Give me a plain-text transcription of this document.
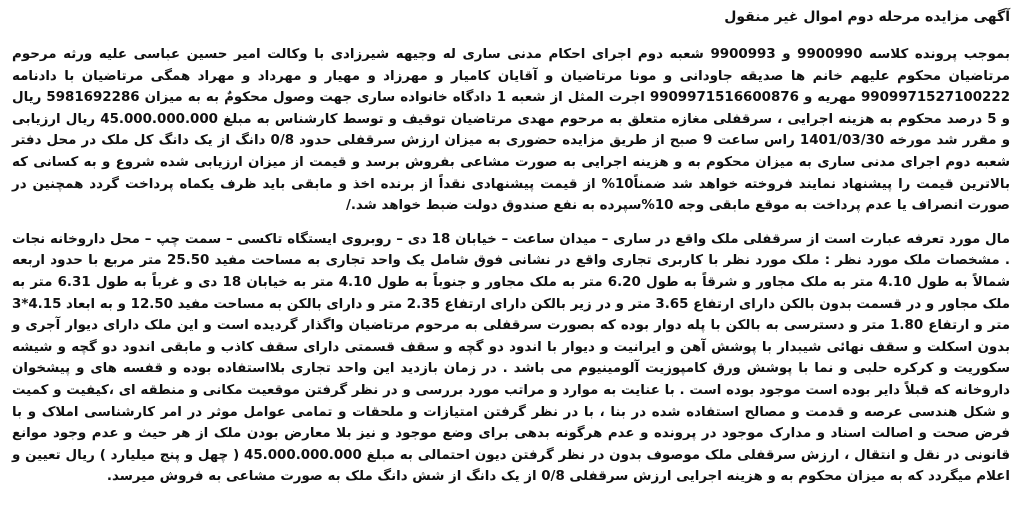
آگهی مزایده مرحله دوم اموال غیر منقول

بموجب پرونده کلاسه 9900990 و 9900993 شعبه دوم اجرای احکام مدنی ساری له وجیهه شیرزادی با وکالت امیر حسین عباسی علیه ورثه مرحوم مرتاضیان محکوم علیهم خانم ها صدیقه جاودانی و مونا مرتاضیان و آقایان کامیار و مهرزاد و مهیار و مهرداد و مهراد همگی مرتاضیان با دادنامه 9909971527100222 مهریه و 9909971516600876 اجرت المثل از شعبه 1 دادگاه خانواده ساری جهت وصول محکومٌ به به میزان 5981692286 ریال و 5 درصد محکوم به هزینه اجرایی ، سرقفلی مغازه متعلق به مرحوم مهدی مرتاضیان توقیف و توسط کارشناس به مبلغ 45.000.000.000 ریال ارزیابی و مقرر شد مورخه 1401/03/30 راس ساعت 9 صبح از طریق مزایده حضوری به میزان ارزش سرقفلی حدود 0/8 دانگ از یک دانگ کل ملک در محل دفتر شعبه دوم اجرای مدنی ساری به میزان محکوم به و هزینه اجرایی به صورت مشاعی بفروش برسد و قیمت از میزان ارزیابی شده شروع و به کسانی که بالاترین قیمت را پیشنهاد نمایند فروخته خواهد شد ضمناً10% از قیمت پیشنهادی نقداً از برنده اخذ و مابقی باید ظرف یکماه پرداخت گردد همچنین در صورت انصراف یا عدم پرداخت به موقع مابقی وجه 10%سپرده به نفع صندوق دولت ضبط خواهد شد./

مال مورد تعرفه عبارت است از سرقفلی ملک واقع در ساری – میدان ساعت – خیابان 18 دی – روبروی ایستگاه تاکسی – سمت چپ – محل داروخانه نجات . مشخصات ملک مورد نظر : ملک مورد نظر با کاربری تجاری واقع در نشانی فوق شامل یک واحد تجاری به مساحت مفید 25.50 متر مربع با حدود اربعه شمالاً به طول 4.10 متر به ملک مجاور و شرقاً به طول 6.20 متر به ملک مجاور و جنوباً به طول 4.10 متر به خیابان 18 دی و غرباً به طول 6.31 متر به ملک مجاور و در قسمت بدون بالکن دارای ارتفاع 3.65 متر و در زیر بالکن دارای ارتفاع 2.35 متر و دارای بالکن به مساحت مفید 12.50 و به ابعاد 4.15*3 متر و ارتفاع 1.80 متر و دسترسی به بالکن با پله دوار بوده که بصورت سرقفلی به مرحوم مرتاضیان واگذار گردیده است و این ملک دارای دیوار آجری و بدون اسکلت و سقف نهائی شیبدار با پوشش آهن و ایرانیت و دیوار با اندود دو گچه و سقف قسمتی دارای سقف کاذب و مابقی اندود دو گچه و شیشه سکوریت و کرکره حلبی و نما با پوشش ورق کامپوزیت آلومینیوم می باشد . در زمان بازدید این واحد تجاری بلااستفاده بوده و قفسه های و پیشخوان داروخانه که قبلاً دایر بوده است موجود بوده است . با عنایت به موارد و مراتب مورد بررسی و در نظر گرفتن موقعیت مکانی و منطقه ای ،کیفیت و کمیت و شکل هندسی عرصه و قدمت و مصالح استفاده شده در بنا ، با در نظر گرفتن امتیازات و ملحقات و تمامی عوامل موثر در امر کارشناسی املاک و با فرض صحت و اصالت اسناد و مدارک موجود در پرونده و عدم هرگونه بدهی برای وضع موجود و نیز بلا معارض بودن ملک از هر حیث و عدم وجود موانع قانونی در نقل و انتقال ، ارزش سرقفلی ملک موصوف بدون در نظر گرفتن دیون احتمالی به مبلغ 45.000.000.000 ( چهل و پنج میلیارد ) ریال تعیین و اعلام میگردد که به میزان محکوم به و هزینه اجرایی ارزش سرقفلی 0/8 از یک دانگ از شش دانگ ملک به صورت مشاعی به فروش میرسد.
